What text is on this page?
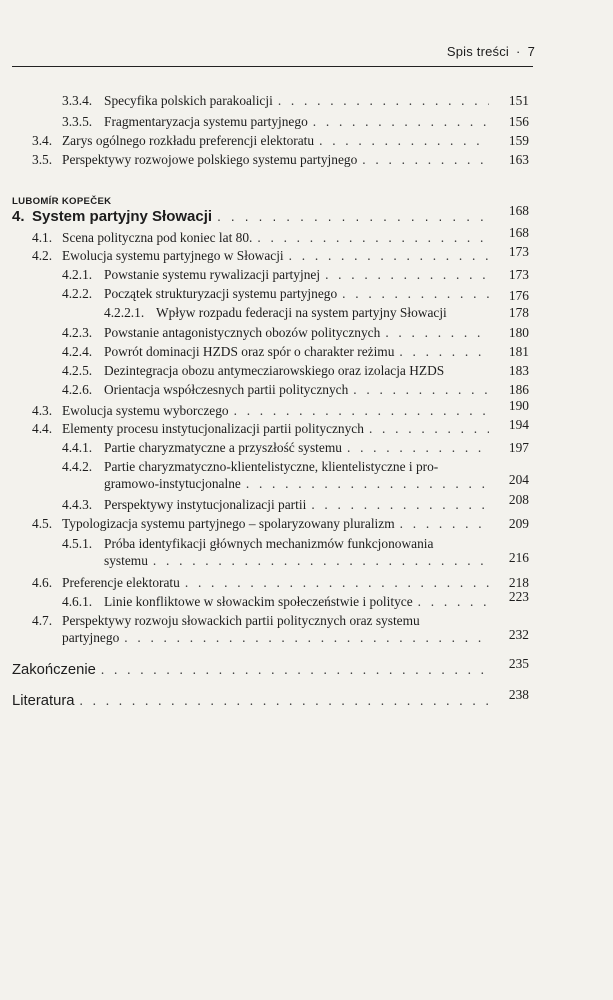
Spis treści · 7
LUBOMÍR KOPEČEK
3.3.4. Specyfika polskich parakoalicji . . .	151
3.3.5. Fragmentaryzacja systemu partyjnego . . .	156
3.4. Zarys ogólnego rozkładu preferencji elektoratu . . .	159
3.5. Perspektywy rozwojowe polskiego systemu partyjnego . . .	163
4. System partyjny Słowacji . . .	168
4.1. Scena polityczna pod koniec lat 80. . . .	168
4.2. Ewolucja systemu partyjnego w Słowacji . . .	173
4.2.1. Powstanie systemu rywalizacji partyjnej . . .	173
4.2.2. Początek strukturyzacji systemu partyjnego . . .	176
4.2.2.1. Wpływ rozpadu federacji na system partyjny Słowacji	178
4.2.3. Powstanie antagonistycznych obozów politycznych . . .	180
4.2.4. Powrót dominacji HZDS oraz spór o charakter reżimu . . .	181
4.2.5. Dezintegracja obozu antymecziarowskiego oraz izolacja HZDS	183
4.2.6. Orientacja współczesnych partii politycznych . . .	186
4.3. Ewolucja systemu wyborczego . . .	190
4.4. Elementy procesu instytucjonalizacji partii politycznych . . .	194
4.4.1. Partie charyzmatyczne a przyszłość systemu . . .	197
4.4.2. Partie charyzmatyczno-klientelistyczne, klientelistyczne i pro-
gramowo-instytucjonalne . . .	204
4.4.3. Perspektywy instytucjonalizacji partii . . .	208
4.5. Typologizacja systemu partyjnego – spolaryzowany pluralizm . . .	209
4.5.1. Próba identyfikacji głównych mechanizmów funkcjonowania
systemu . . .	216
4.6. Preferencje elektoratu . . .	218
4.6.1. Linie konfliktowe w słowackim społeczeństwie i polityce . . .	223
4.7. Perspektywy rozwoju słowackich partii politycznych oraz systemu
partyjnego . . .	232
Zakończenie . . .	235
Literatura . . .	238
